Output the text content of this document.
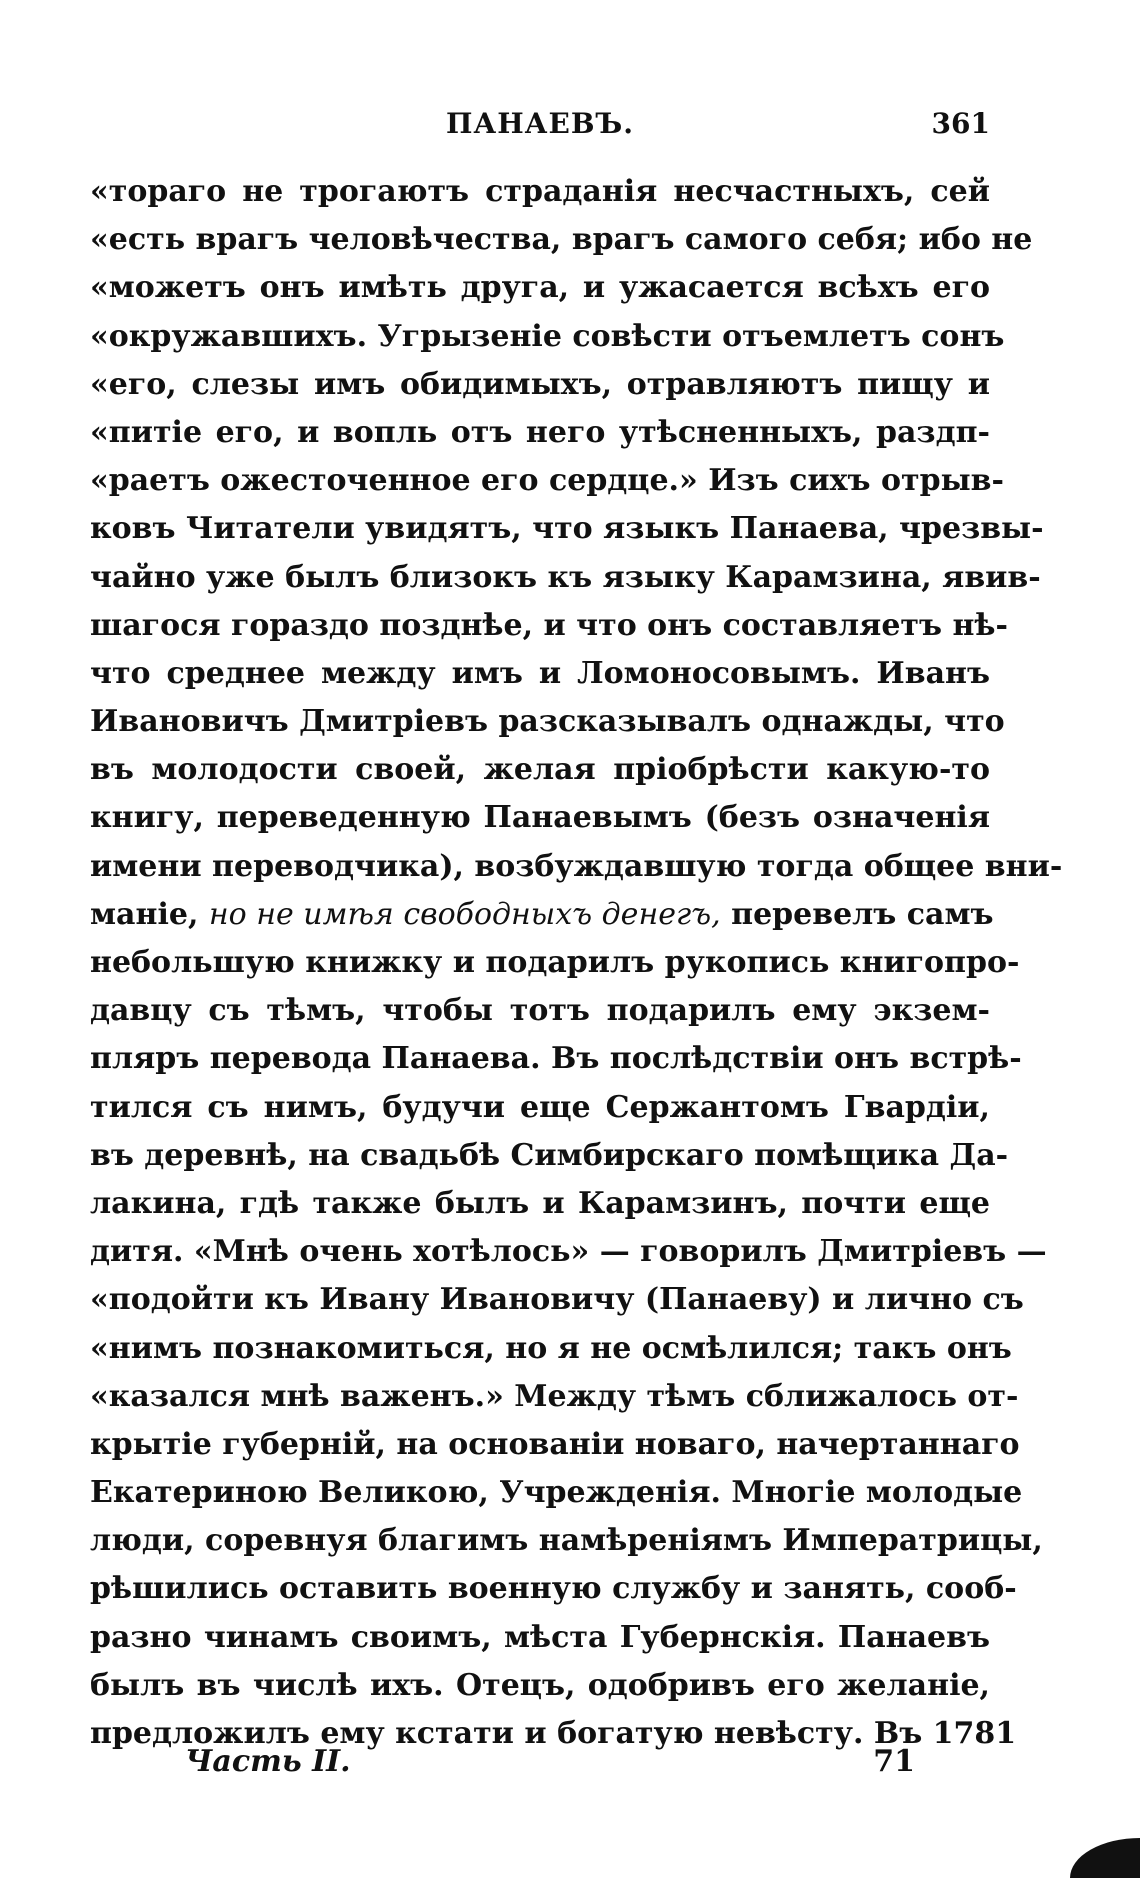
ПАНАЕВЪ.	361
«тораго не трогаютъ страданія несчастныхъ, сей
«есть врагъ человѣчества, врагъ самого себя; ибо не
«можетъ онъ имѣть друга, и ужасается всѣхъ его
«окружавшихъ. Угрызеніе совѣсти отъемлетъ сонъ
«его, слезы имъ обидимыхъ, отравляютъ пищу и
«питіе его, и вопль отъ него утѣсненныхъ, раздп-
«раетъ ожесточенное его сердце.» Изъ сихъ отрыв-
ковъ Читатели увидятъ, что языкъ Панаева, чрезвы-
чайно уже былъ близокъ къ языку Карамзина, явив-
шагося гораздо позднѣе, и что онъ составляетъ нѣ-
что среднее между имъ и Ломоносовымъ. Иванъ
Ивановичъ Дмитріевъ разсказывалъ однажды, что
въ молодости своей, желая пріобрѣсти какую-то
книгу, переведенную Панаевымъ (безъ означенія
имени переводчика), возбуждавшую тогда общее вни-
маніе, но не имѣя свободныхъ денегъ, перевелъ самъ
небольшую книжку и подарилъ рукопись книгопро-
давцу съ тѣмъ, чтобы тотъ подарилъ ему экзем-
пляръ перевода Панаева. Въ послѣдствіи онъ встрѣ-
тился съ нимъ, будучи еще Сержантомъ Гвардіи,
въ деревнѣ, на свадьбѣ Симбирскаго помѣщика Да-
лакина, гдѣ также былъ и Карамзинъ, почти еще
дитя. «Мнѣ очень хотѣлось» — говорилъ Дмитріевъ —
«подойти къ Ивану Ивановичу (Панаеву) и лично съ
«нимъ познакомиться, но я не осмѣлился; такъ онъ
«казался мнѣ важенъ.» Между тѣмъ сближалось от-
крытіе губерній, на основаніи новаго, начертаннаго
Екатериною Великою, Учрежденія. Многіе молодые
люди, соревнуя благимъ намѣреніямъ Императрицы,
рѣшились оставить военную службу и занять, сооб-
разно чинамъ своимъ, мѣста Губернскія. Панаевъ
былъ въ числѣ ихъ. Отецъ, одобривъ его желаніе,
предложилъ ему кстати и богатую невѣсту. Въ 1781
Часть II.	71
